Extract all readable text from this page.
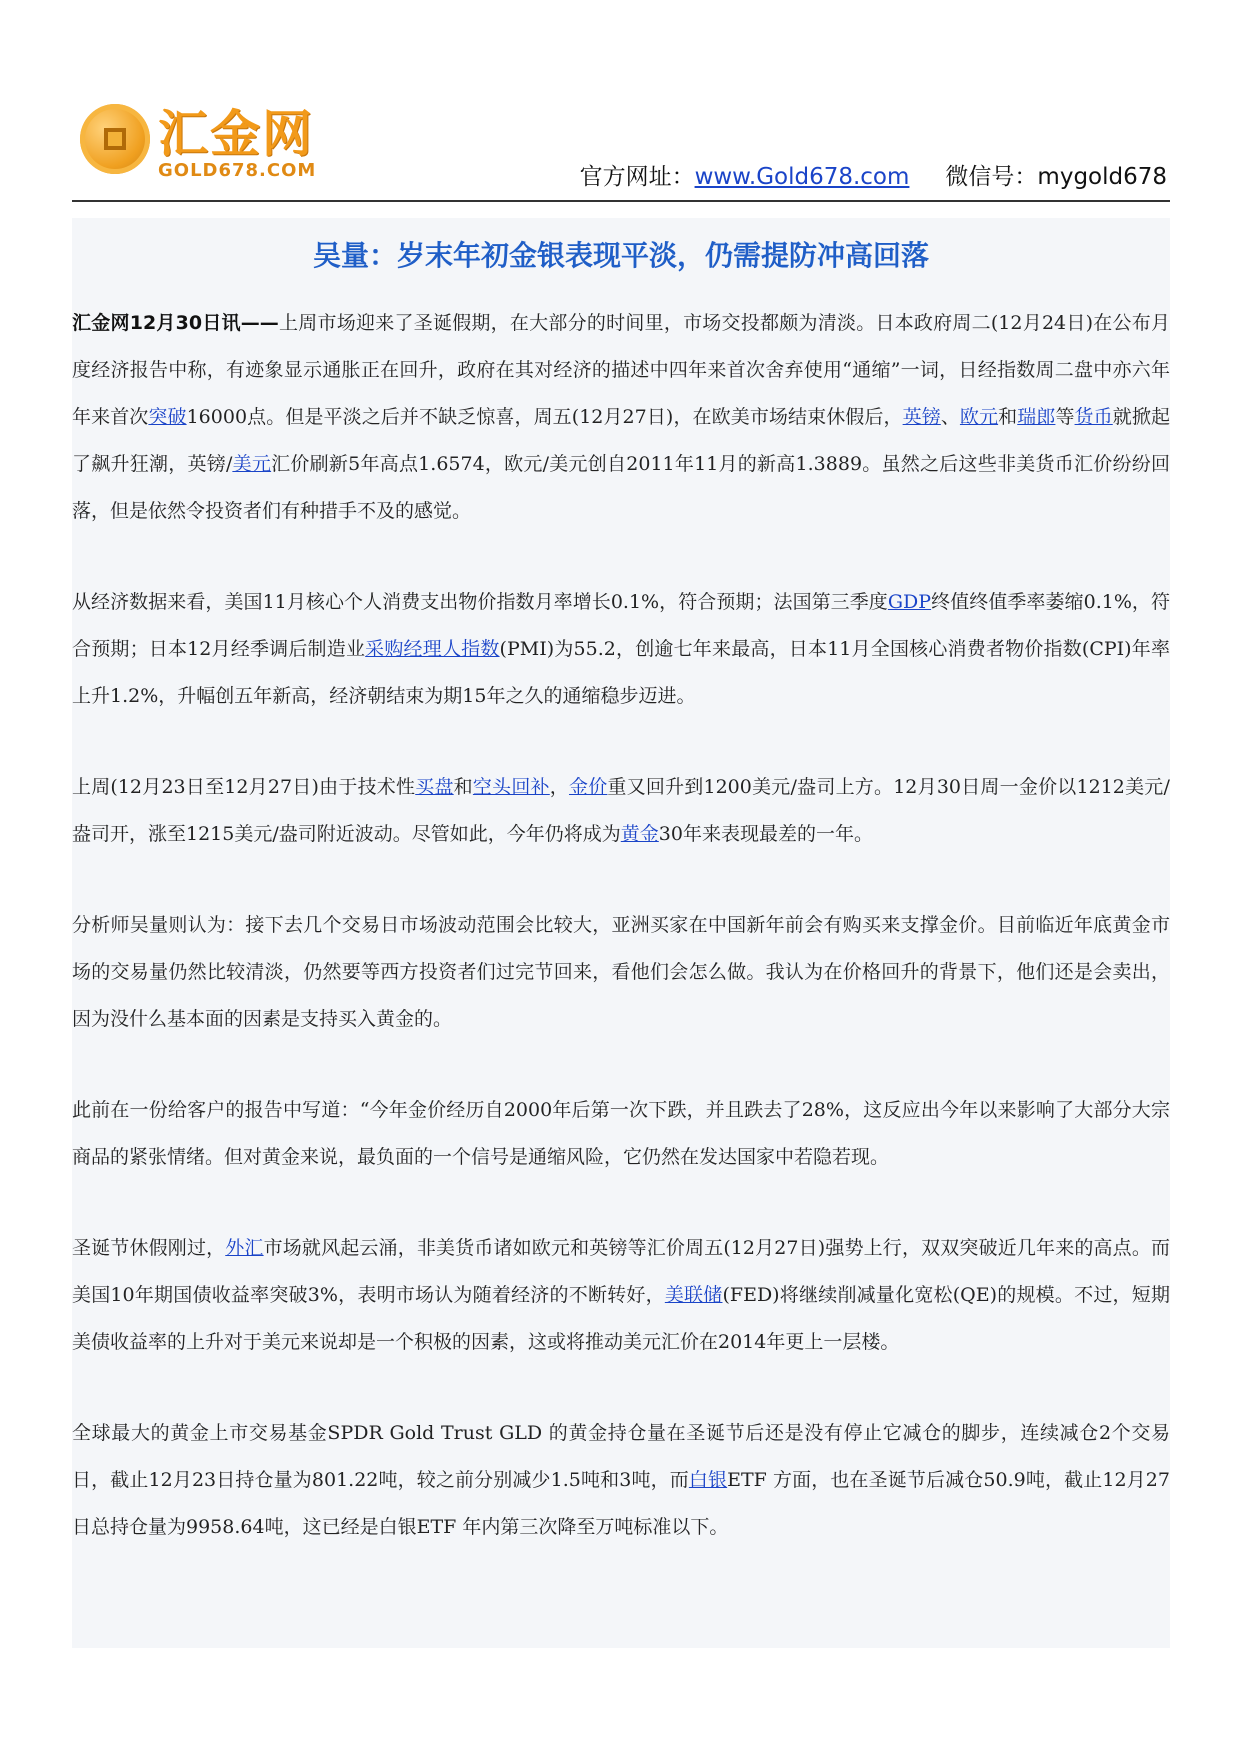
汇金网
GOLD678.COM	官方网址：www.Gold678.com 微信号：mygold678
吴量：岁末年初金银表现平淡，仍需提防冲高回落

汇金网12月30日讯——上周市场迎来了圣诞假期，在大部分的时间里，市场交投都颇为清淡。日本政府周二(12月24日)在公布月度经济报告中称，有迹象显示通胀正在回升，政府在其对经济的描述中四年来首次舍弃使用“通缩”一词，日经指数周二盘中亦六年年来首次突破16000点。但是平淡之后并不缺乏惊喜，周五(12月27日)，在欧美市场结束休假后，英镑、欧元和瑞郎等货币就掀起了飙升狂潮，英镑/美元汇价刷新5年高点1.6574，欧元/美元创自2011年11月的新高1.3889。虽然之后这些非美货币汇价纷纷回落，但是依然令投资者们有种措手不及的感觉。

从经济数据来看，美国11月核心个人消费支出物价指数月率增长0.1%，符合预期；法国第三季度GDP终值终值季率萎缩0.1%，符合预期；日本12月经季调后制造业采购经理人指数(PMI)为55.2，创逾七年来最高，日本11月全国核心消费者物价指数(CPI)年率上升1.2%，升幅创五年新高，经济朝结束为期15年之久的通缩稳步迈进。

上周(12月23日至12月27日)由于技术性买盘和空头回补，金价重又回升到1200美元/盎司上方。12月30日周一金价以1212美元/盎司开，涨至1215美元/盎司附近波动。尽管如此，今年仍将成为黄金30年来表现最差的一年。

分析师吴量则认为：接下去几个交易日市场波动范围会比较大，亚洲买家在中国新年前会有购买来支撑金价。目前临近年底黄金市场的交易量仍然比较清淡，仍然要等西方投资者们过完节回来，看他们会怎么做。我认为在价格回升的背景下，他们还是会卖出，因为没什么基本面的因素是支持买入黄金的。

此前在一份给客户的报告中写道：“今年金价经历自2000年后第一次下跌，并且跌去了28%，这反应出今年以来影响了大部分大宗商品的紧张情绪。但对黄金来说，最负面的一个信号是通缩风险，它仍然在发达国家中若隐若现。

圣诞节休假刚过，外汇市场就风起云涌，非美货币诸如欧元和英镑等汇价周五(12月27日)强势上行，双双突破近几年来的高点。而美国10年期国债收益率突破3%，表明市场认为随着经济的不断转好，美联储(FED)将继续削减量化宽松(QE)的规模。不过，短期美债收益率的上升对于美元来说却是一个积极的因素，这或将推动美元汇价在2014年更上一层楼。

全球最大的黄金上市交易基金SPDR Gold Trust GLD 的黄金持仓量在圣诞节后还是没有停止它减仓的脚步，连续减仓2个交易日，截止12月23日持仓量为801.22吨，较之前分别减少1.5吨和3吨，而白银ETF 方面，也在圣诞节后减仓50.9吨，截止12月27日总持仓量为9958.64吨，这已经是白银ETF 年内第三次降至万吨标准以下。
